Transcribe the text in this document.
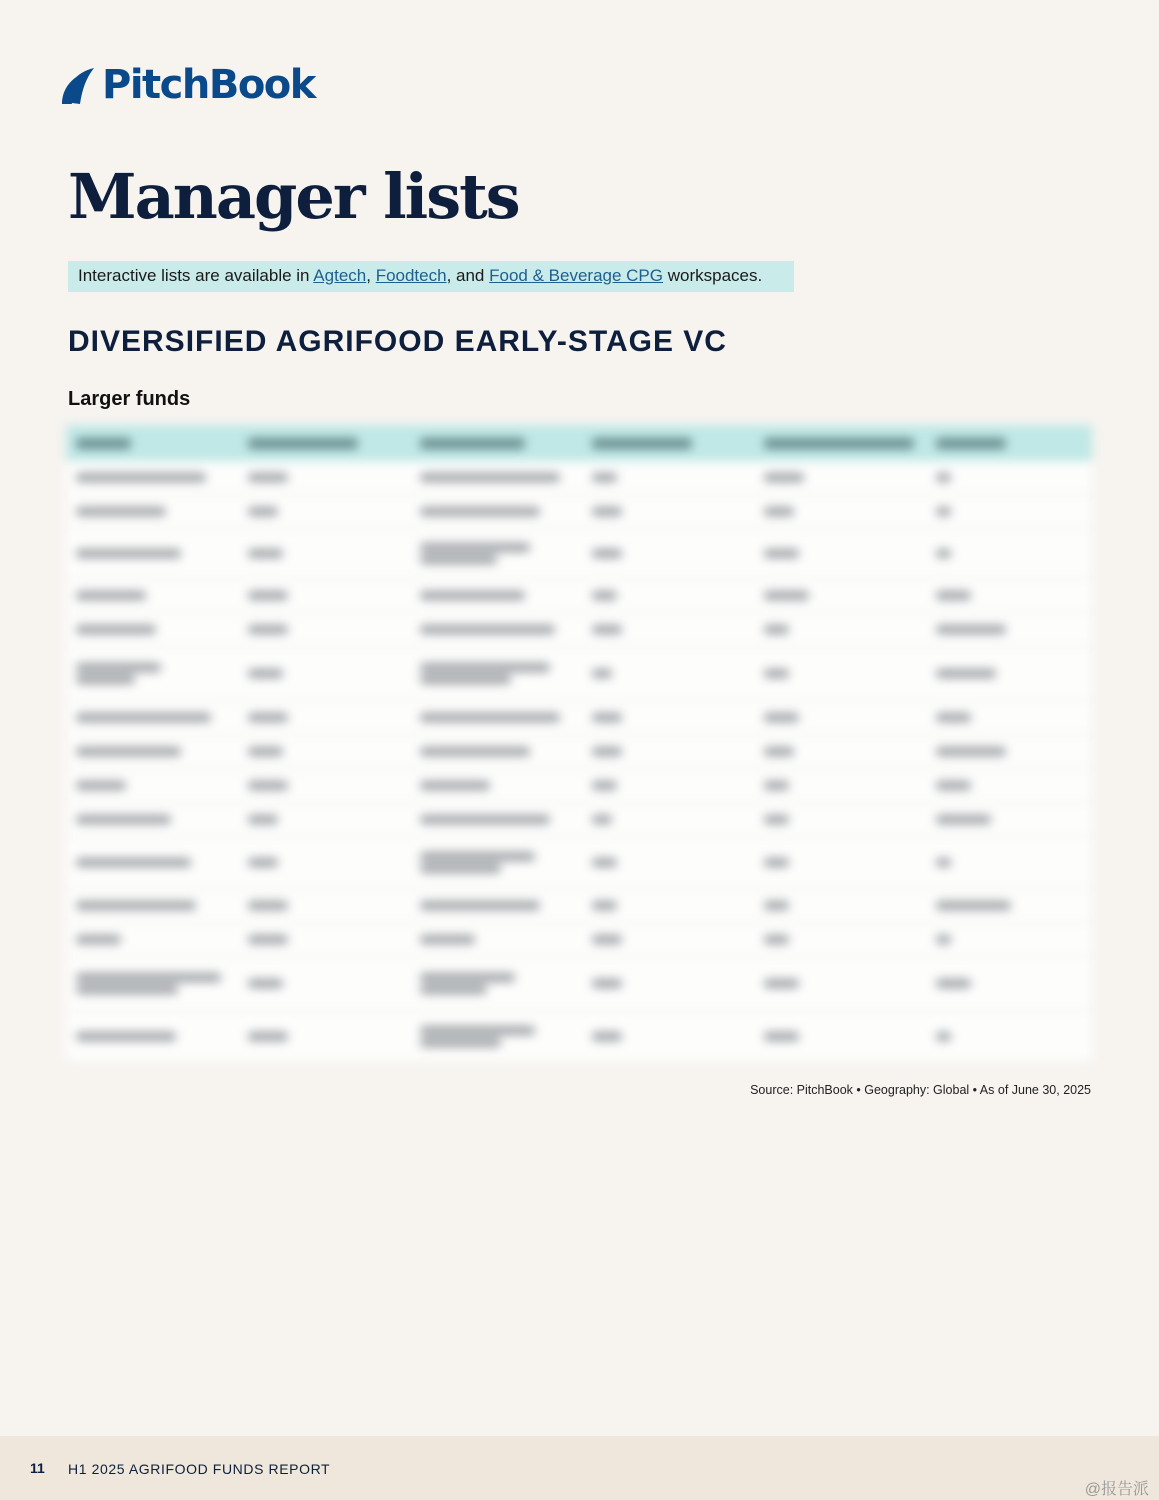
PitchBook
Manager lists
Interactive lists are available in Agtech, Foodtech, and Food & Beverage CPG workspaces.
DIVERSIFIED AGRIFOOD EARLY-STAGE VC
Larger funds
Source: PitchBook • Geography: Global • As of June 30, 2025
11 H1 2025 AGRIFOOD FUNDS REPORT
@报告派
